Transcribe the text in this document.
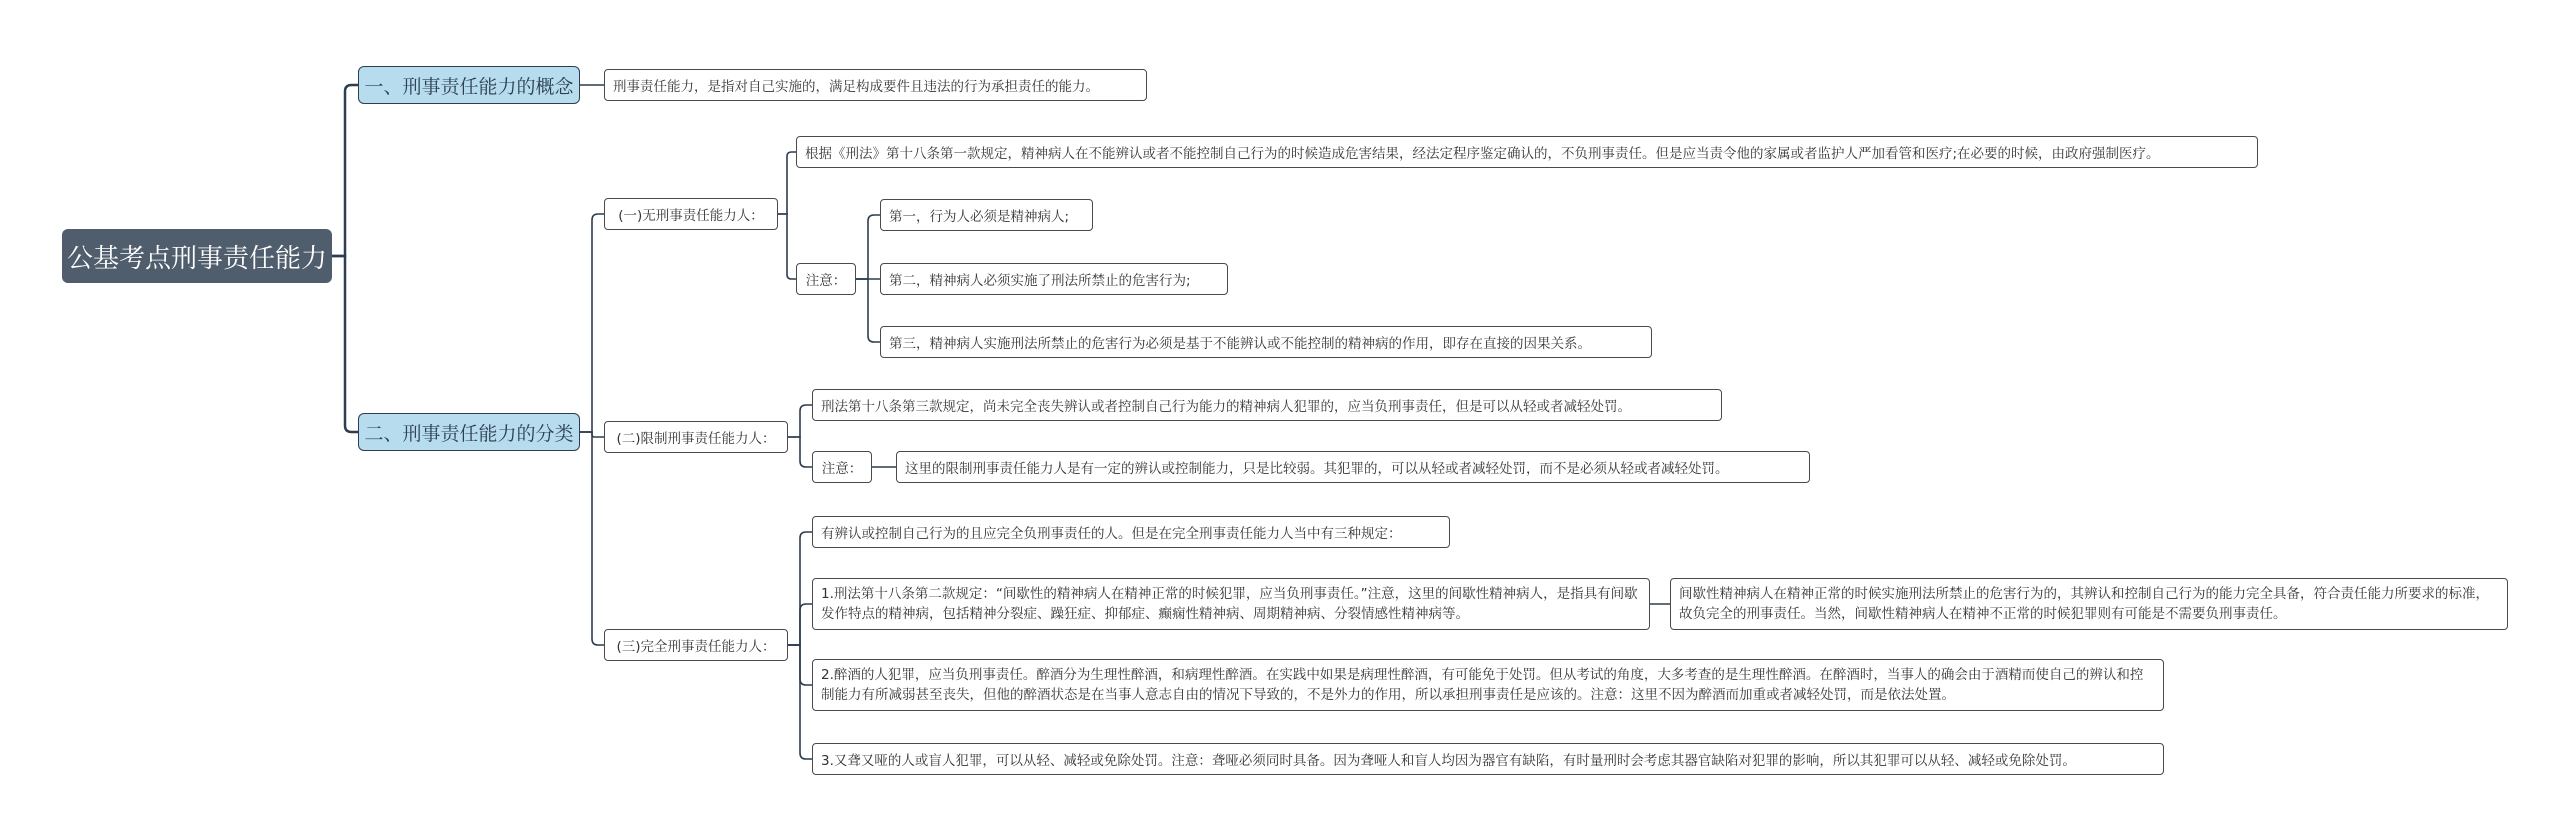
公基考点刑事责任能力
一、刑事责任能力的概念	刑事责任能力，是指对自己实施的，满足构成要件且违法的行为承担责任的能力。
二、刑事责任能力的分类
(一)无刑事责任能力人：
根据《刑法》第十八条第一款规定，精神病人在不能辨认或者不能控制自己行为的时候造成危害结果，经法定程序鉴定确认的，不负刑事责任。但是应当责令他的家属或者监护人严加看管和医疗;在必要的时候，由政府强制医疗。
注意：
第一，行为人必须是精神病人;
第二，精神病人必须实施了刑法所禁止的危害行为;
第三，精神病人实施刑法所禁止的危害行为必须是基于不能辨认或不能控制的精神病的作用，即存在直接的因果关系。
(二)限制刑事责任能力人：
刑法第十八条第三款规定，尚未完全丧失辨认或者控制自己行为能力的精神病人犯罪的，应当负刑事责任，但是可以从轻或者减轻处罚。
注意：	这里的限制刑事责任能力人是有一定的辨认或控制能力，只是比较弱。其犯罪的，可以从轻或者减轻处罚，而不是必须从轻或者减轻处罚。
(三)完全刑事责任能力人：
有辨认或控制自己行为的且应完全负刑事责任的人。但是在完全刑事责任能力人当中有三种规定：
1.刑法第十八条第二款规定：“间歇性的精神病人在精神正常的时候犯罪，应当负刑事责任。”注意，这里的间歇性精神病人，是指具有间歇发作特点的精神病，包括精神分裂症、躁狂症、抑郁症、癫痫性精神病、周期精神病、分裂情感性精神病等。
间歇性精神病人在精神正常的时候实施刑法所禁止的危害行为的，其辨认和控制自己行为的能力完全具备，符合责任能力所要求的标准，故负完全的刑事责任。当然，间歇性精神病人在精神不正常的时候犯罪则有可能是不需要负刑事责任。
2.醉酒的人犯罪，应当负刑事责任。醉酒分为生理性醉酒，和病理性醉酒。在实践中如果是病理性醉酒，有可能免于处罚。但从考试的角度，大多考查的是生理性醉酒。在醉酒时，当事人的确会由于酒精而使自己的辨认和控制能力有所减弱甚至丧失，但他的醉酒状态是在当事人意志自由的情况下导致的，不是外力的作用，所以承担刑事责任是应该的。注意：这里不因为醉酒而加重或者减轻处罚，而是依法处置。
3.又聋又哑的人或盲人犯罪，可以从轻、减轻或免除处罚。注意：聋哑必须同时具备。因为聋哑人和盲人均因为器官有缺陷，有时量刑时会考虑其器官缺陷对犯罪的影响，所以其犯罪可以从轻、减轻或免除处罚。
